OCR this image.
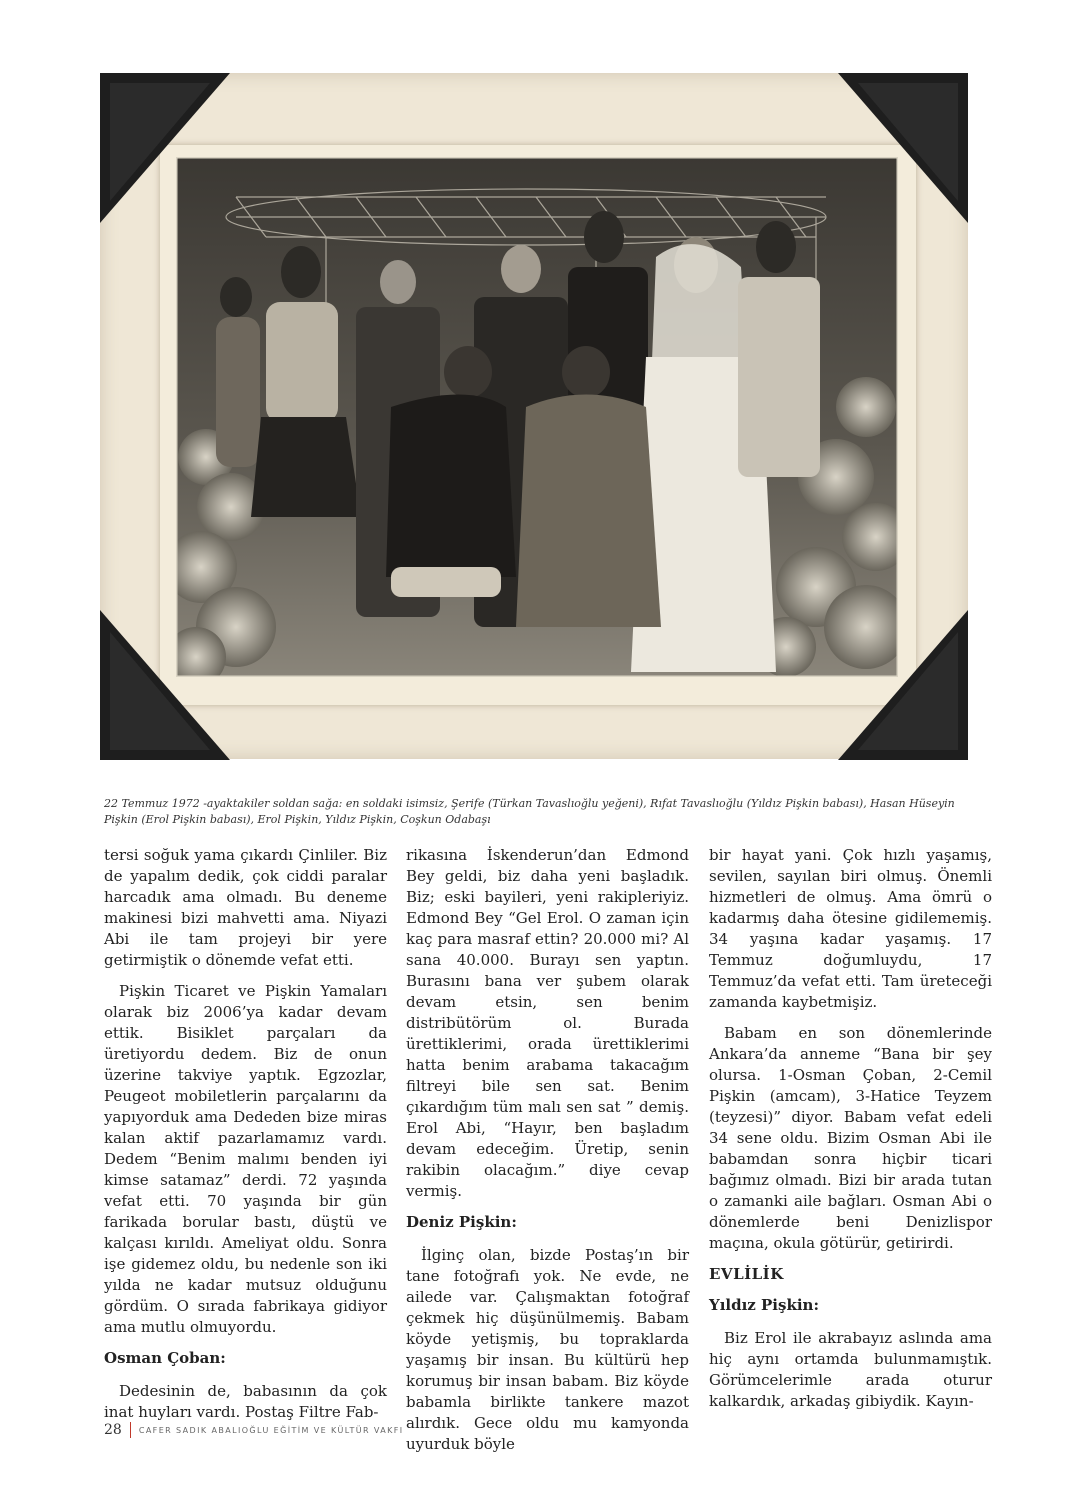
22 Temmuz 1972 -ayaktakiler soldan sağa: en soldaki isimsiz, Şerife (Türkan Tavaslıoğlu yeğeni), Rıfat Tavaslıoğlu (Yıldız Pişkin babası), Hasan Hüseyin Pişkin (Erol Pişkin babası), Erol Pişkin, Yıldız Pişkin, Coşkun Odabaşı

tersi soğuk yama çıkardı Çinliler. Biz de yapalım dedik, çok ciddi paralar harcadık ama olmadı. Bu deneme makinesi bizi mahvetti ama. Niyazi Abi ile tam projeyi bir yere getirmiştik o dönemde vefat etti.

Pişkin Ticaret ve Pişkin Yamaları olarak biz 2006’ya kadar devam ettik. Bisiklet parçaları da üretiyordu dedem. Biz de onun üzerine takviye yaptık. Egzozlar, Peugeot mobiletlerin parçalarını da yapıyorduk ama Dededen bize miras kalan aktif pazarlamamız vardı. Dedem “Benim malımı benden iyi kimse satamaz” derdi. 72 yaşında vefat etti. 70 yaşında bir gün farikada borular bastı, düştü ve kalçası kırıldı. Ameliyat oldu. Sonra işe gidemez oldu, bu nedenle son iki yılda ne kadar mutsuz olduğunu gördüm. O sırada fabrikaya gidiyor ama mutlu olmuyordu.

Osman Çoban:

Dedesinin de, babasının da çok inat huyları vardı. Postaş Filtre Fab-

rikasına İskenderun’dan Edmond Bey geldi, biz daha yeni başladık. Biz; eski bayileri, yeni rakipleriyiz. Edmond Bey “Gel Erol. O zaman için kaç para masraf ettin? 20.000 mi? Al sana 40.000. Burayı sen yaptın. Burasını bana ver şubem olarak devam etsin, sen benim distribütörüm ol. Burada ürettiklerimi, orada ürettiklerimi hatta benim arabama takacağım filtreyi bile sen sat. Benim çıkardığım tüm malı sen sat ” demiş. Erol Abi, “Hayır, ben başladım devam edeceğim. Üretip, senin rakibin olacağım.” diye cevap vermiş.

Deniz Pişkin:

İlginç olan, bizde Postaş’ın bir tane fotoğrafı yok. Ne evde, ne ailede var. Çalışmaktan fotoğraf çekmek hiç düşünülmemiş. Babam köyde yetişmiş, bu topraklarda yaşamış bir insan. Bu kültürü hep korumuş bir insan babam. Biz köyde babamla birlikte tankere mazot alırdık. Gece oldu mu kamyonda uyurduk böyle

bir hayat yani. Çok hızlı yaşamış, sevilen, sayılan biri olmuş. Önemli hizmetleri de olmuş. Ama ömrü o kadarmış daha ötesine gidilememiş. 34 yaşına kadar yaşamış. 17 Temmuz doğumluydu, 17 Temmuz’da vefat etti. Tam üreteceği zamanda kaybetmişiz.

Babam en son dönemlerinde Ankara’da anneme “Bana bir şey olursa. 1-Osman Çoban, 2-Cemil Pişkin (amcam), 3-Hatice Teyzem (teyzesi)” diyor. Babam vefat edeli 34 sene oldu. Bizim Osman Abi ile babamdan sonra hiçbir ticari bağımız olmadı. Bizi bir arada tutan o zamanki aile bağları. Osman Abi o dönemlerde beni Denizlispor maçına, okula götürür, getirirdi.

EVLİLİK
Yıldız Pişkin:

Biz Erol ile akrabayız aslında ama hiç aynı ortamda bulunmamıştık. Görümcelerimle arada oturur kalkardık, arkadaş gibiydik. Kayın-

28 CAFER SADIK ABALIOĞLU EĞİTİM VE KÜLTÜR VAKFI
